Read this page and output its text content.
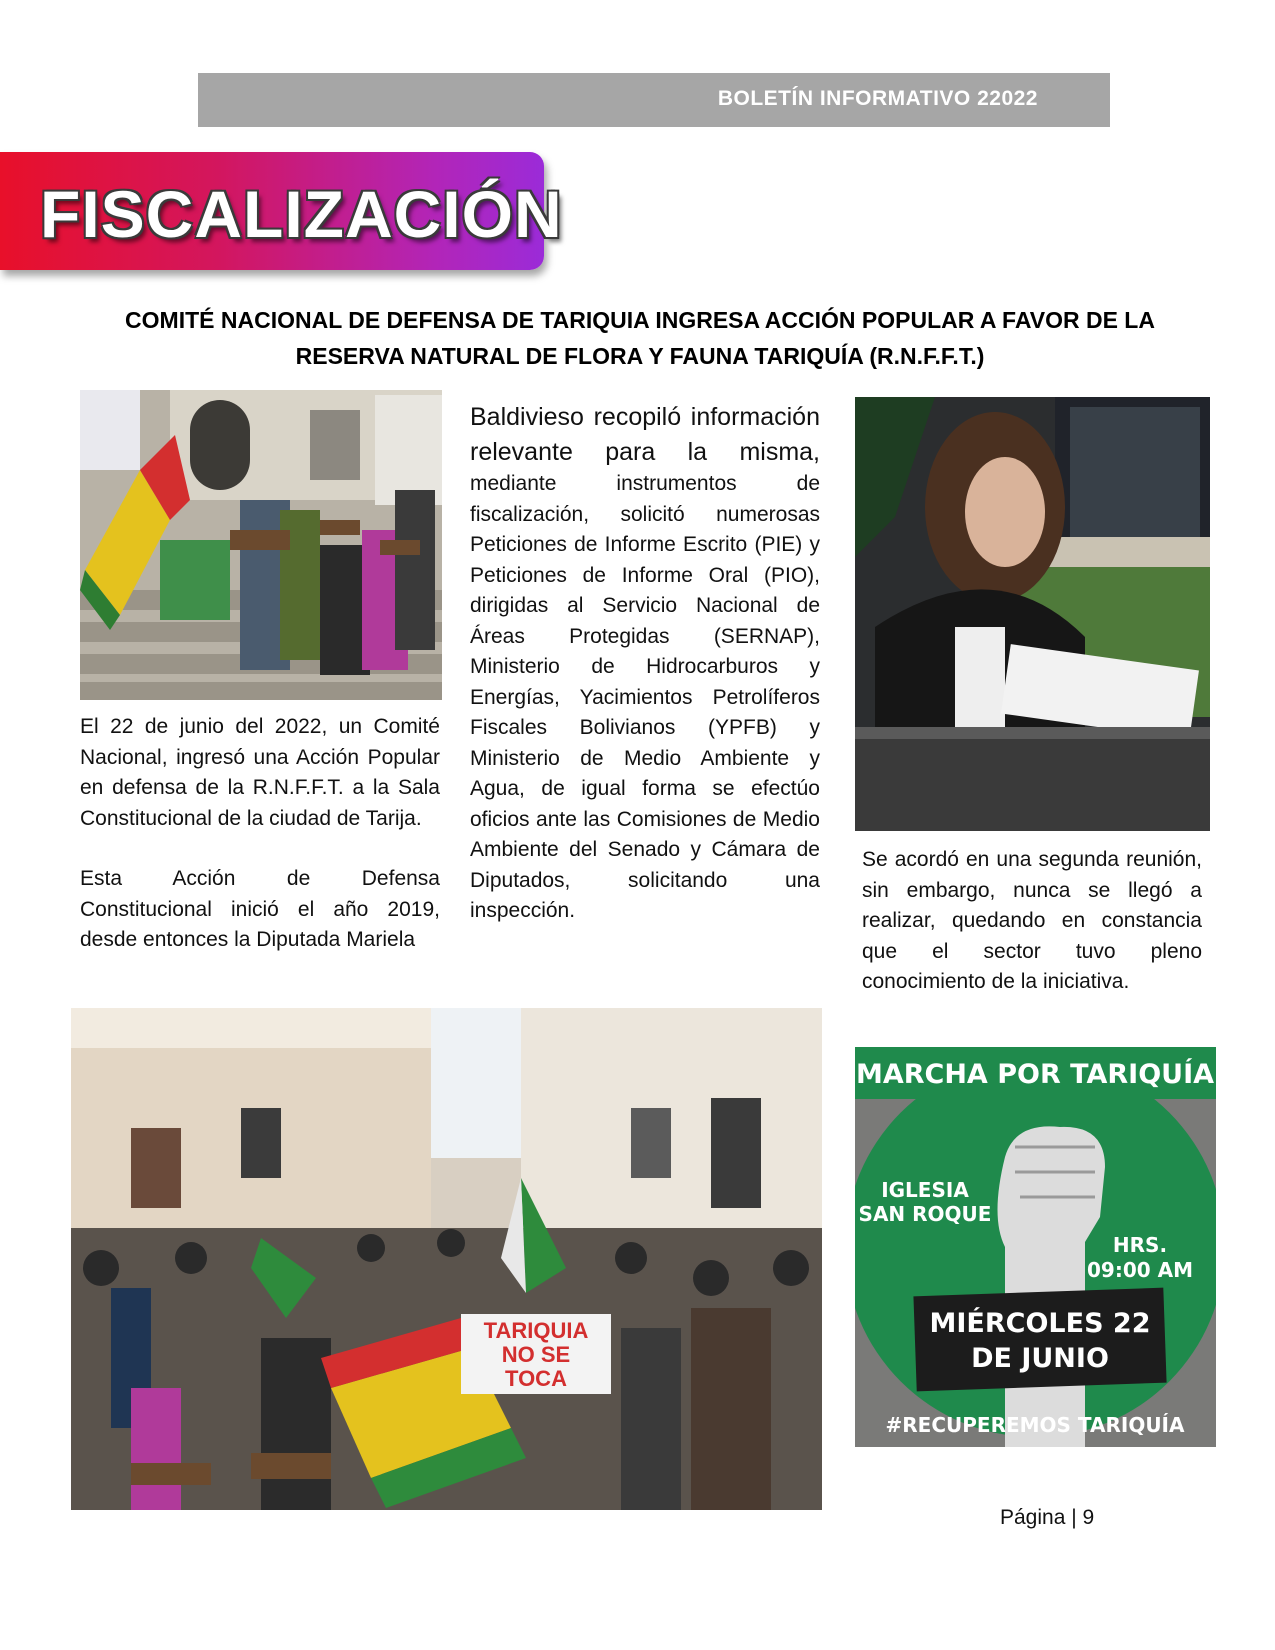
BOLETÍN INFORMATIVO 22022
FISCALIZACIÓN
COMITÉ NACIONAL DE DEFENSA DE TARIQUIA INGRESA ACCIÓN POPULAR A FAVOR DE LA
RESERVA NATURAL DE FLORA Y FAUNA TARIQUÍA (R.N.F.F.T.)

El 22 de junio del 2022, un Comité Nacional, ingresó una Acción Popular en defensa de la R.N.F.F.T. a la Sala Constitucional de la ciudad de Tarija.

Esta Acción de Defensa Constitucional inició el año 2019, desde entonces la Diputada Mariela

Baldivieso recopiló información relevante para la misma, mediante instrumentos de fiscalización, solicitó numerosas Peticiones de Informe Escrito (PIE) y Peticiones de Informe Oral (PIO), dirigidas al Servicio Nacional de Áreas Protegidas (SERNAP), Ministerio de Hidrocarburos y Energías, Yacimientos Petrolíferos Fiscales Bolivianos (YPFB) y Ministerio de Medio Ambiente y Agua, de igual forma se efectúo oficios ante las Comisiones de Medio Ambiente del Senado y Cámara de Diputados, solicitando una inspección.

Se acordó en una segunda reunión, sin embargo, nunca se llegó a realizar, quedando en constancia que el sector tuvo pleno conocimiento de la iniciativa.

TARIQUIA
NO SE
TOCA
MARCHA POR TARIQUÍA
IGLESIA
SAN ROQUE
HRS.
09:00 AM
MIÉRCOLES 22
DE JUNIO
#RECUPEREMOS TARIQUÍA
Página | 9
